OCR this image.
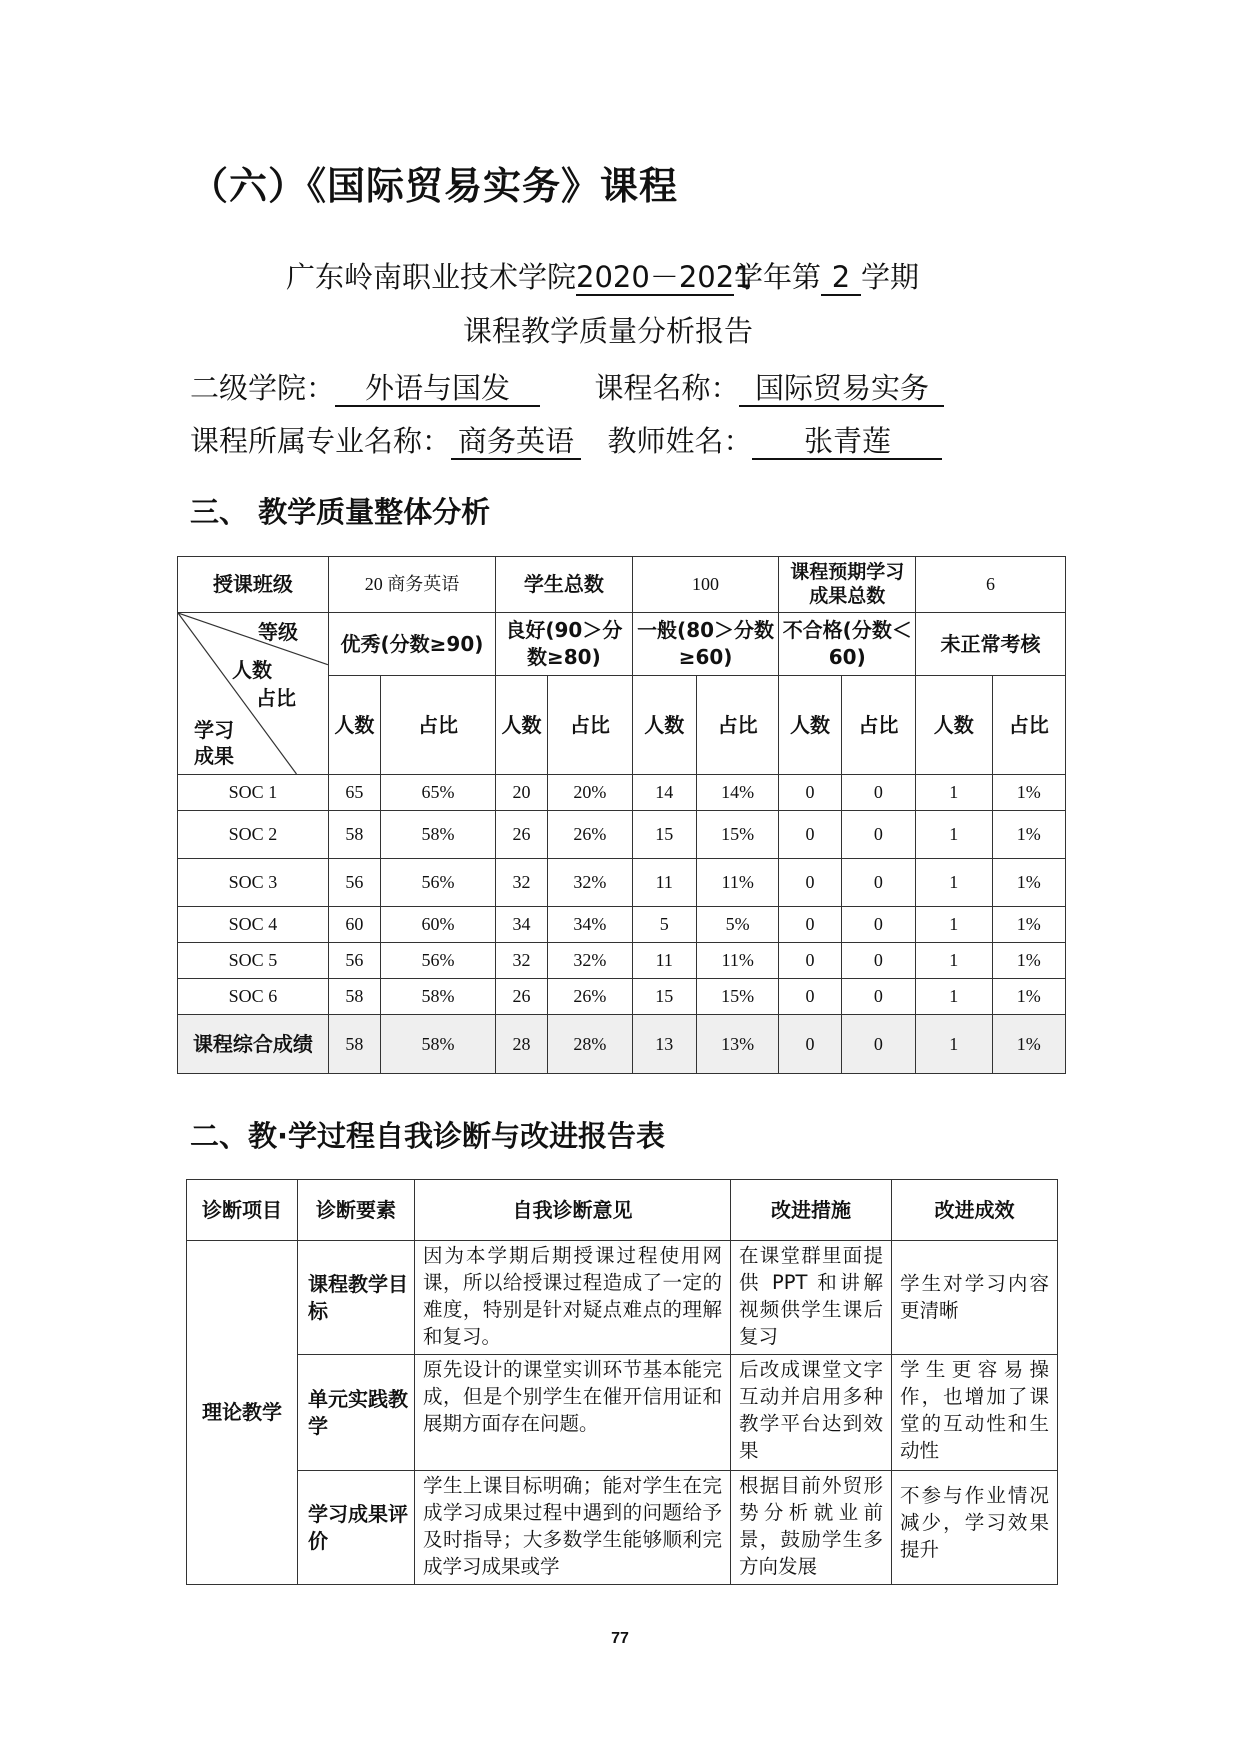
（六）《国际贸易实务》课程
广东岭南职业技术学院2020－2021学年第 2 学期
课程教学质量分析报告
二级学院： 外语与国发	课程名称： 国际贸易实务
课程所属专业名称： 商务英语 教师姓名： 张青莲
三、 教学质量整体分析
授课班级	20 商务英语		学生总数		100		课程预期学习成果总数		6	

等级
人数
占比
学习成果	优秀(分数≥90)		良好(90＞分数≥80)		一般(80＞分数≥60)		不合格(分数＜60)		未正常考核	
	人数	占比	人数	占比	人数	占比	人数	占比	人数	占比
SOC 1	65	65%	20	20%	14	14%	0	0	1	1%
SOC 2	58	58%	26	26%	15	15%	0	0	1	1%
SOC 3	56	56%	32	32%	11	11%	0	0	1	1%
SOC 4	60	60%	34	34%	5	5%	0	0	1	1%
SOC 5	56	56%	32	32%	11	11%	0	0	1	1%
SOC 6	58	58%	26	26%	15	15%	0	0	1	1%
课程综合成绩	58	58%	28	28%	13	13%	0	0	1	1%
二、教·学过程自我诊断与改进报告表
诊断项目	诊断要素	自我诊断意见	改进措施	改进成效
理论教学	课程教学目标	因为本学期后期授课过程使用网课，所以给授课过程造成了一定的难度，特别是针对疑点难点的理解和复习。	在课堂群里面提供 PPT 和讲解视频供学生课后复习	学生对学习内容更清晰
	单元实践教学	原先设计的课堂实训环节基本能完成，但是个别学生在催开信用证和展期方面存在问题。	后改成课堂文字互动并启用多种教学平台达到效果	学生更容易操作，也增加了课堂的互动性和生动性
	学习成果评价	学生上课目标明确；能对学生在完成学习成果过程中遇到的问题给予及时指导；大多数学生能够顺利完成学习成果或学	根据目前外贸形势分析就业前景，鼓励学生多方向发展	不参与作业情况减少，学习效果提升
77
